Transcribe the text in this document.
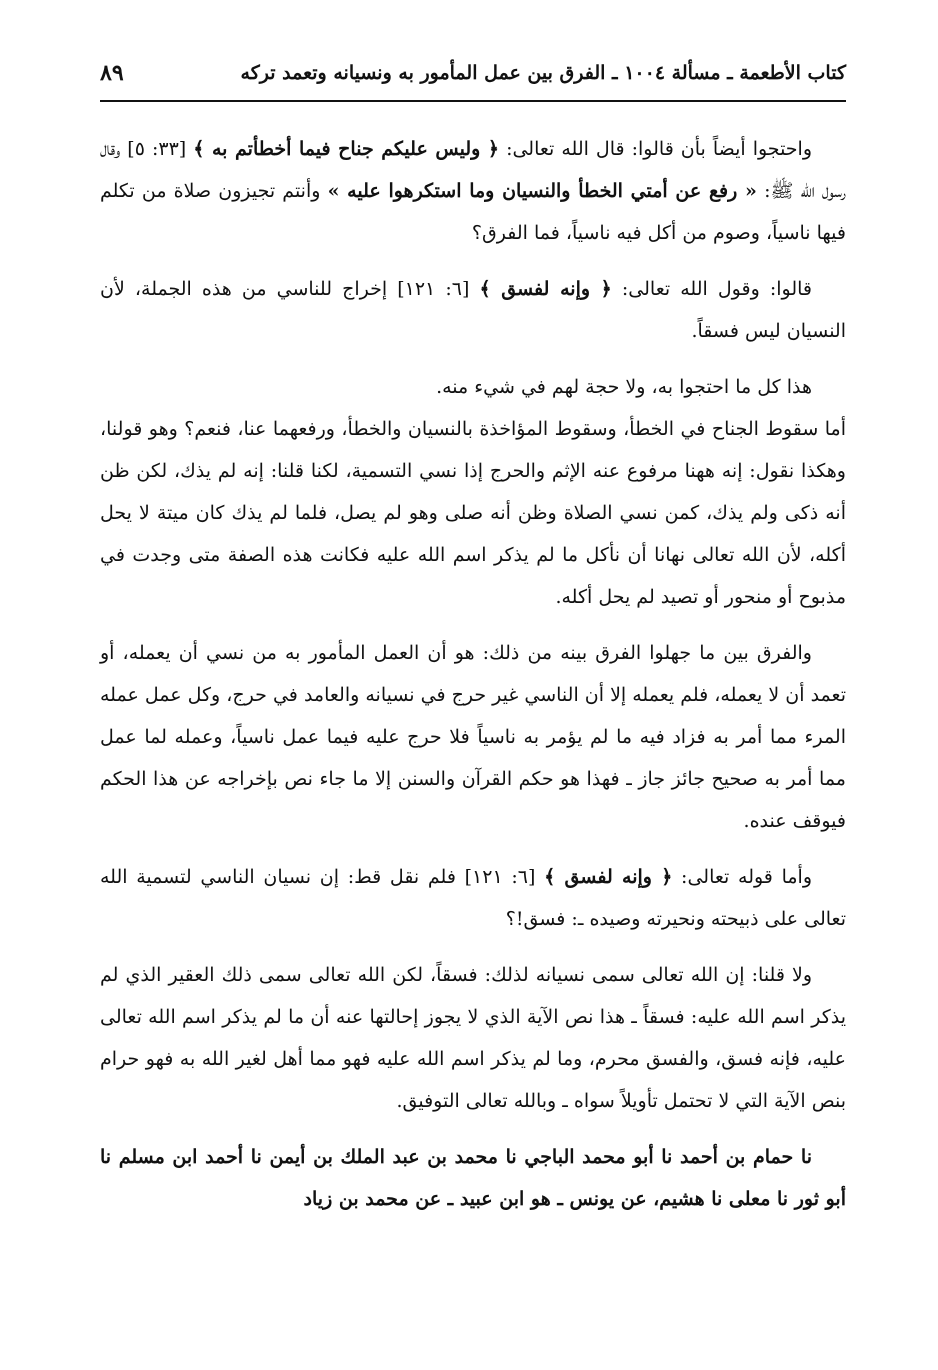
كتاب الأطعمة ـ مسألة ١٠٠٤ ـ الفرق بين عمل المأمور به ونسيانه وتعمد تركه
٨٩

واحتجوا أيضاً بأن قالوا: قال الله تعالى: ﴿ وليس عليكم جناح فيما أخطأتم به ﴾ [٣٣: ٥] وقال رسول الله ﷺ: « رفع عن أمتي الخطأ والنسيان وما استكرهوا عليه » وأنتم تجيزون صلاة من تكلم فيها ناسياً، وصوم من أكل فيه ناسياً، فما الفرق؟

قالوا: وقول الله تعالى: ﴿ وإنه لفسق ﴾ [٦: ١٢١] إخراج للناسي من هذه الجملة، لأن النسيان ليس فسقاً.

هذا كل ما احتجوا به، ولا حجة لهم في شيء منه.

أما سقوط الجناح في الخطأ، وسقوط المؤاخذة بالنسيان والخطأ، ورفعهما عنا، فنعم؟ وهو قولنا، وهكذا نقول: إنه ههنا مرفوع عنه الإثم والحرج إذا نسي التسمية، لكنا قلنا: إنه لم يذك، لكن ظن أنه ذكى ولم يذك، كمن نسي الصلاة وظن أنه صلى وهو لم يصل، فلما لم يذك كان ميتة لا يحل أكله، لأن الله تعالى نهانا أن نأكل ما لم يذكر اسم الله عليه فكانت هذه الصفة متى وجدت في مذبوح أو منحور أو تصيد لم يحل أكله.

والفرق بين ما جهلوا الفرق بينه من ذلك: هو أن العمل المأمور به من نسي أن يعمله، أو تعمد أن لا يعمله، فلم يعمله إلا أن الناسي غير حرج في نسيانه والعامد في حرج، وكل عمل عمله المرء مما أمر به فزاد فيه ما لم يؤمر به ناسياً فلا حرج عليه فيما عمل ناسياً، وعمله لما عمل مما أمر به صحيح جائز جاز ـ فهذا هو حكم القرآن والسنن إلا ما جاء نص بإخراجه عن هذا الحكم فيوقف عنده.

وأما قوله تعالى: ﴿ وإنه لفسق ﴾ [٦: ١٢١] فلم نقل قط: إن نسيان الناسي لتسمية الله تعالى على ذبيحته ونحيرته وصيده ـ: فسق!؟

ولا قلنا: إن الله تعالى سمى نسيانه لذلك: فسقاً، لكن الله تعالى سمى ذلك العقير الذي لم يذكر اسم الله عليه: فسقاً ـ هذا نص الآية الذي لا يجوز إحالتها عنه أن ما لم يذكر اسم الله تعالى عليه، فإنه فسق، والفسق محرم، وما لم يذكر اسم الله عليه فهو مما أهل لغير الله به فهو حرام بنص الآية التي لا تحتمل تأويلاً سواه ـ وبالله تعالى التوفيق.

نا حمام بن أحمد نا أبو محمد الباجي نا محمد بن عبد الملك بن أيمن نا أحمد ابن مسلم نا أبو ثور نا معلى نا هشيم، عن يونس ـ هو ابن عبيد ـ عن محمد بن زياد
